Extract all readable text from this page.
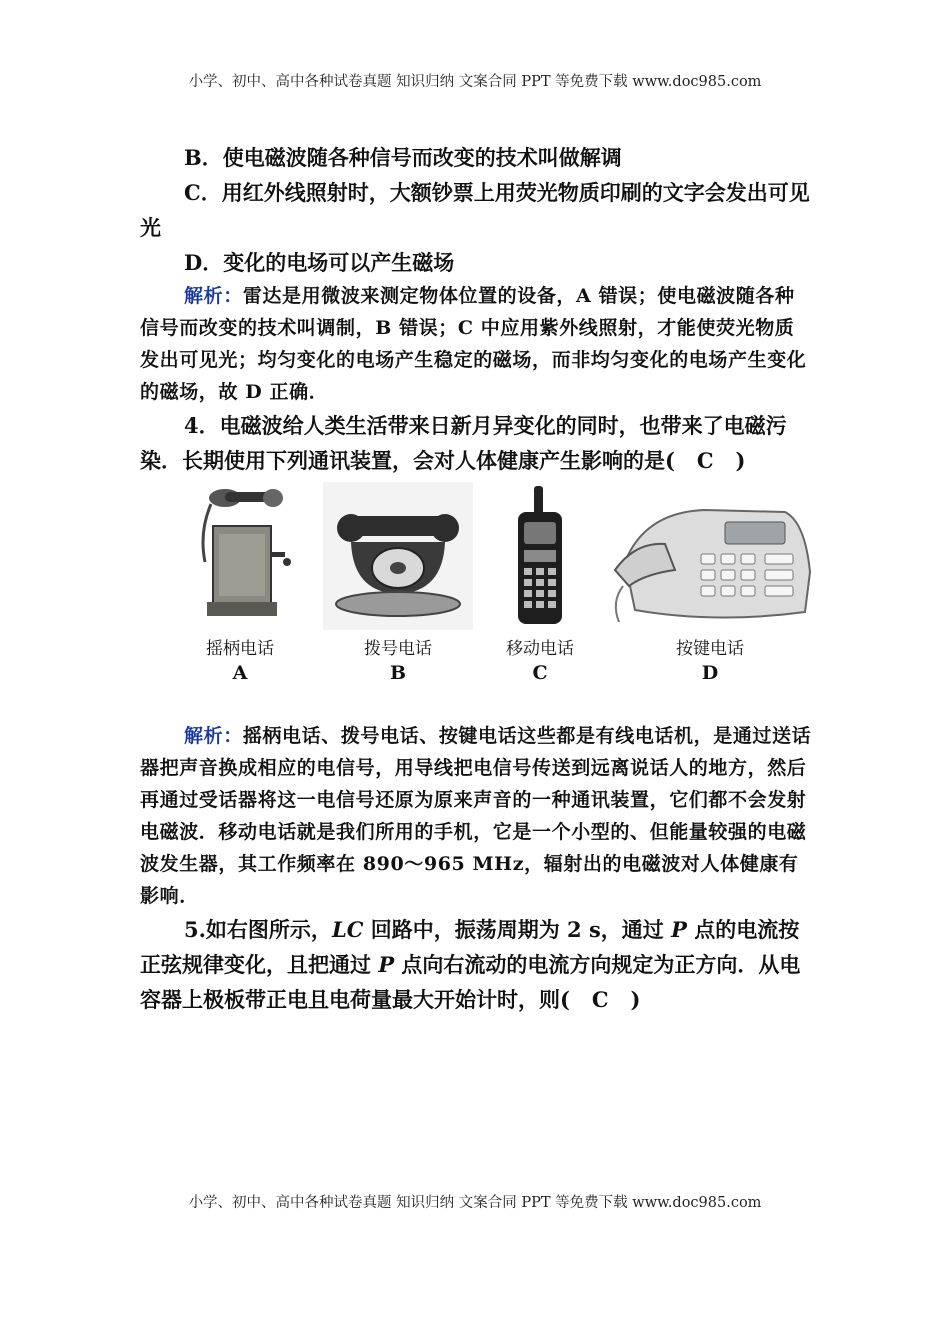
小学、初中、高中各种试卷真题 知识归纳 文案合同 PPT 等免费下载 www.doc985.com

B．使电磁波随各种信号而改变的技术叫做解调

C．用红外线照射时，大额钞票上用荧光物质印刷的文字会发出可见光

D．变化的电场可以产生磁场

解析：雷达是用微波来测定物体位置的设备，A 错误；使电磁波随各种信号而改变的技术叫调制，B 错误；C 中应用紫外线照射，才能使荧光物质发出可见光；均匀变化的电场产生稳定的磁场，而非均匀变化的电场产生变化的磁场，故 D 正确．

4．电磁波给人类生活带来日新月异变化的同时，也带来了电磁污染．长期使用下列通讯装置，会对人体健康产生影响的是( C )

摇柄电话
A
拨号电话
B
移动电话
C
按键电话
D

解析：摇柄电话、拨号电话、按键电话这些都是有线电话机，是通过送话器把声音换成相应的电信号，用导线把电信号传送到远离说话人的地方，然后再通过受话器将这一电信号还原为原来声音的一种通讯装置，它们都不会发射电磁波．移动电话就是我们所用的手机，它是一个小型的、但能量较强的电磁波发生器，其工作频率在 890～965 MHz，辐射出的电磁波对人体健康有影响．

5.如右图所示，LC 回路中，振荡周期为 2 s，通过 P 点的电流按正弦规律变化，且把通过 P 点向右流动的电流方向规定为正方向．从电容器上极板带正电且电荷量最大开始计时，则( C )

小学、初中、高中各种试卷真题 知识归纳 文案合同 PPT 等免费下载 www.doc985.com
